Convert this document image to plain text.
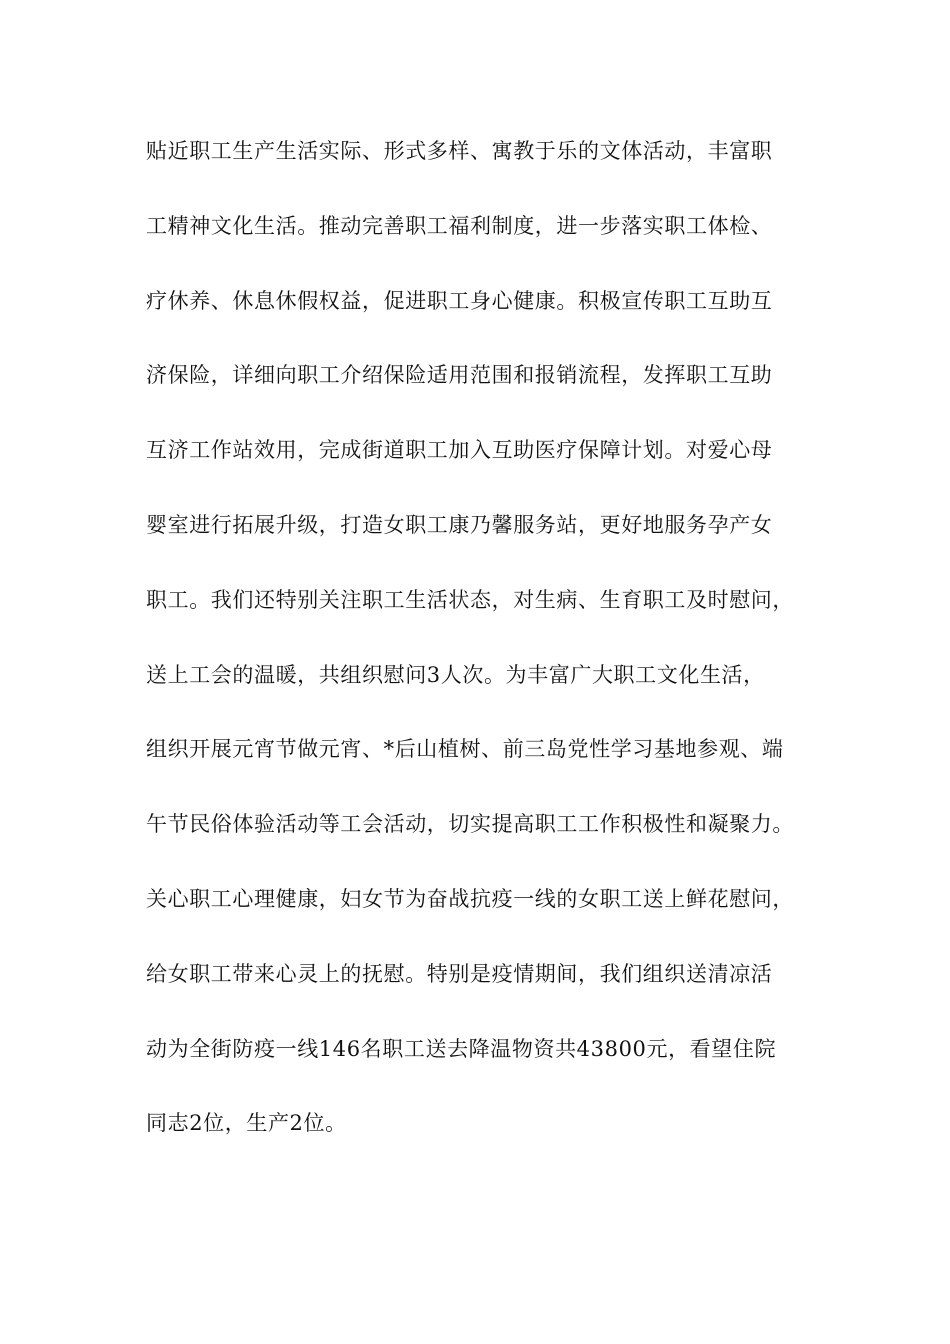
贴近职工生产生活实际、形式多样、寓教于乐的文体活动，丰富职
工精神文化生活。推动完善职工福利制度，进一步落实职工体检、
疗休养、休息休假权益，促进职工身心健康。积极宣传职工互助互
济保险，详细向职工介绍保险适用范围和报销流程，发挥职工互助
互济工作站效用，完成街道职工加入互助医疗保障计划。对爱心母
婴室进行拓展升级，打造女职工康乃馨服务站，更好地服务孕产女
职工。我们还特别关注职工生活状态，对生病、生育职工及时慰问，
送上工会的温暖，共组织慰问3人次。为丰富广大职工文化生活，
组织开展元宵节做元宵、*后山植树、前三岛党性学习基地参观、端
午节民俗体验活动等工会活动，切实提高职工工作积极性和凝聚力。
关心职工心理健康，妇女节为奋战抗疫一线的女职工送上鲜花慰问，
给女职工带来心灵上的抚慰。特别是疫情期间，我们组织送清凉活
动为全街防疫一线146名职工送去降温物资共43800元，看望住院
同志2位，生产2位。
